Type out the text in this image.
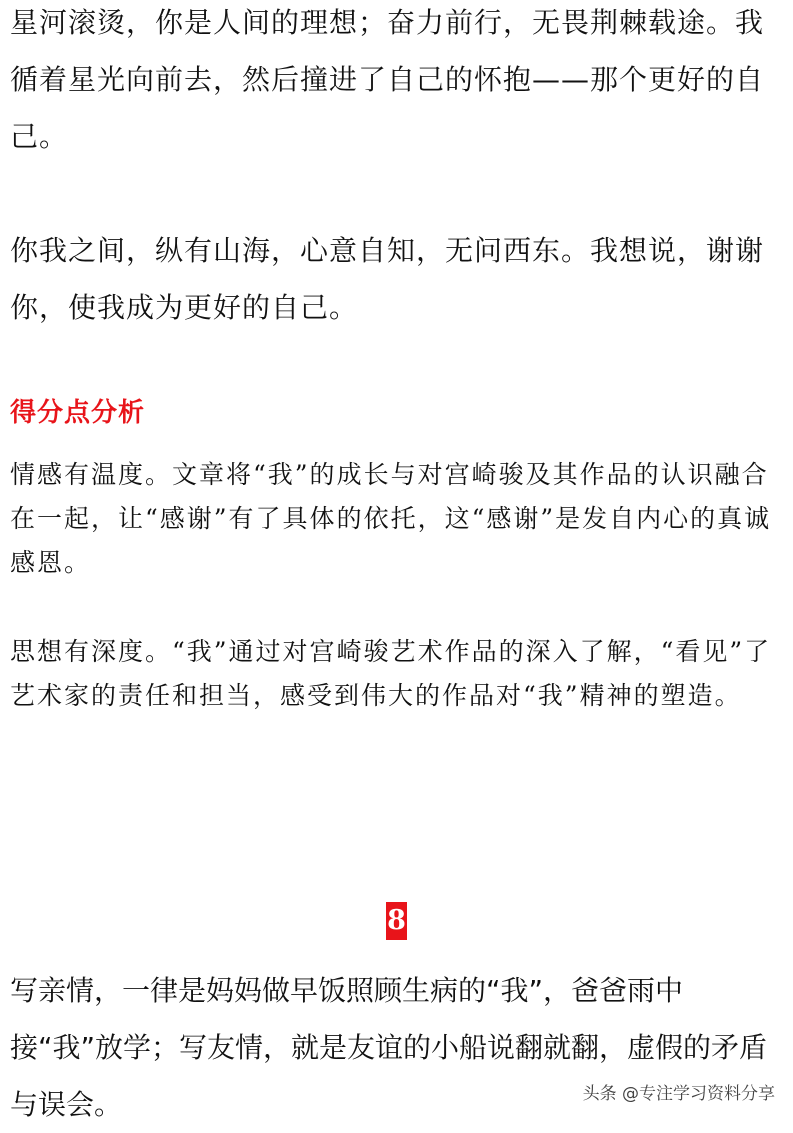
星河滚烫，你是人间的理想；奋力前行，无畏荆棘载途。我循着星光向前去，然后撞进了自己的怀抱——那个更好的自己。

你我之间，纵有山海，心意自知，无问西东。我想说，谢谢你，使我成为更好的自己。

得分点分析

情感有温度。文章将“我”的成长与对宫崎骏及其作品的认识融合在一起，让“感谢”有了具体的依托，这“感谢”是发自内心的真诚感恩。

思想有深度。“我”通过对宫崎骏艺术作品的深入了解，“看见”了艺术家的责任和担当，感受到伟大的作品对“我”精神的塑造。

8

写亲情，一律是妈妈做早饭照顾生病的“我”，爸爸雨中接“我”放学；写友情，就是友谊的小船说翻就翻，虚假的矛盾与误会。	头条 @专注学习资料分享
